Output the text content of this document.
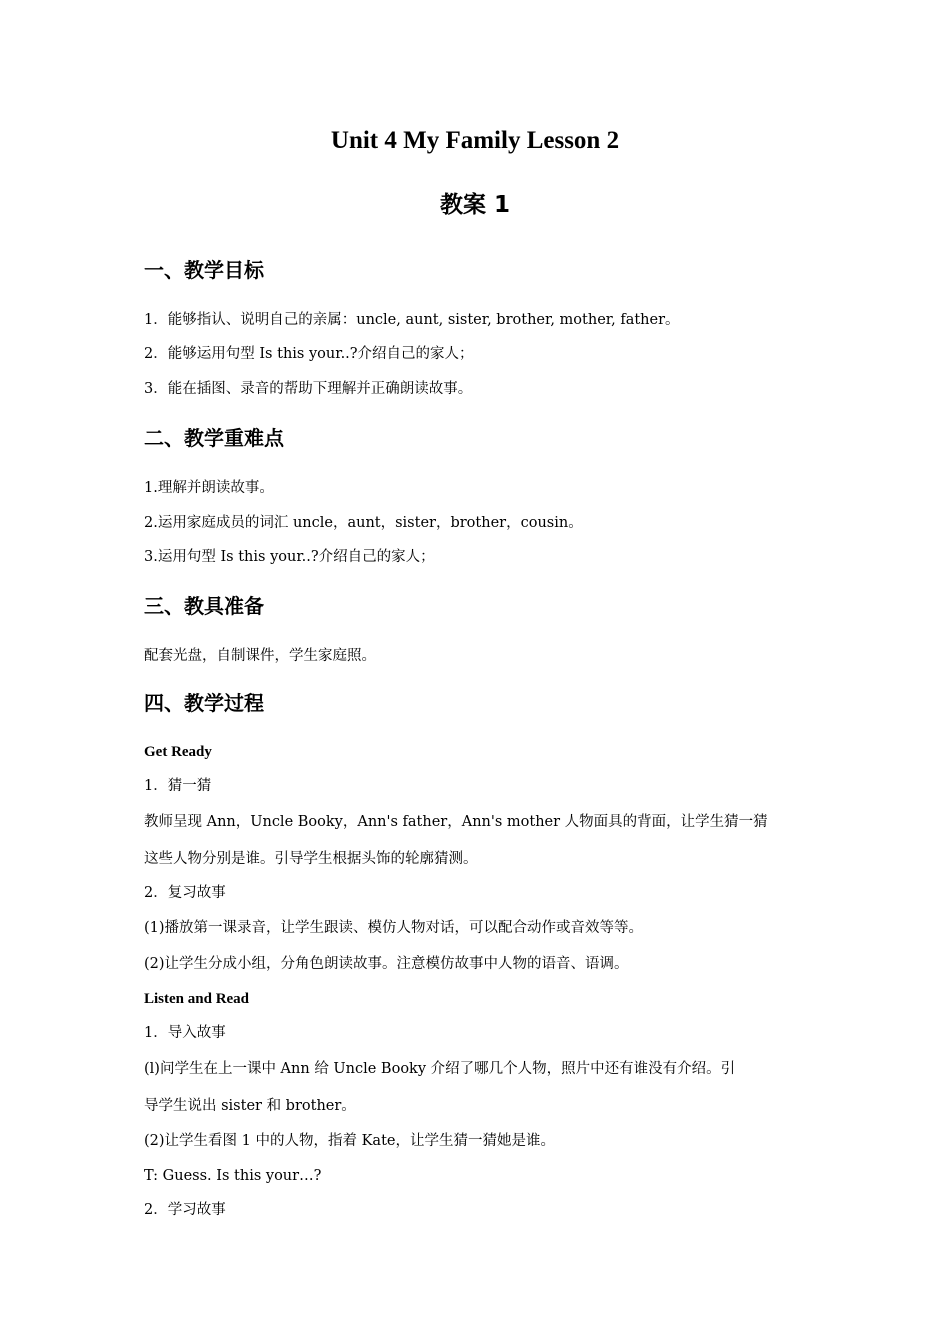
Unit 4 My Family Lesson 2
教案 1
一、教学目标
1．能够指认、说明自己的亲属：uncle, aunt, sister, brother, mother, father。
2．能够运用句型 Is this your..?介绍自己的家人；
3．能在插图、录音的帮助下理解并正确朗读故事。
二、教学重难点
1.理解并朗读故事。
2.运用家庭成员的词汇 uncle，aunt，sister，brother，cousin。
3.运用句型 Is this your..?介绍自己的家人；
三、教具准备
配套光盘，自制课件，学生家庭照。
四、教学过程
Get Ready
1．猜一猜
教师呈现 Ann，Uncle Booky，Ann's father，Ann's mother 人物面具的背面，让学生猜一猜
这些人物分别是谁。引导学生根据头饰的轮廓猜测。
2．复习故事
(1)播放第一课录音，让学生跟读、模仿人物对话，可以配合动作或音效等等。
(2)让学生分成小组，分角色朗读故事。注意模仿故事中人物的语音、语调。
Listen and Read
1．导入故事
(l)问学生在上一课中 Ann 给 Uncle Booky 介绍了哪几个人物，照片中还有谁没有介绍。引
导学生说出 sister 和 brother。
(2)让学生看图 1 中的人物，指着 Kate，让学生猜一猜她是谁。
T: Guess. Is this your…?
2．学习故事
